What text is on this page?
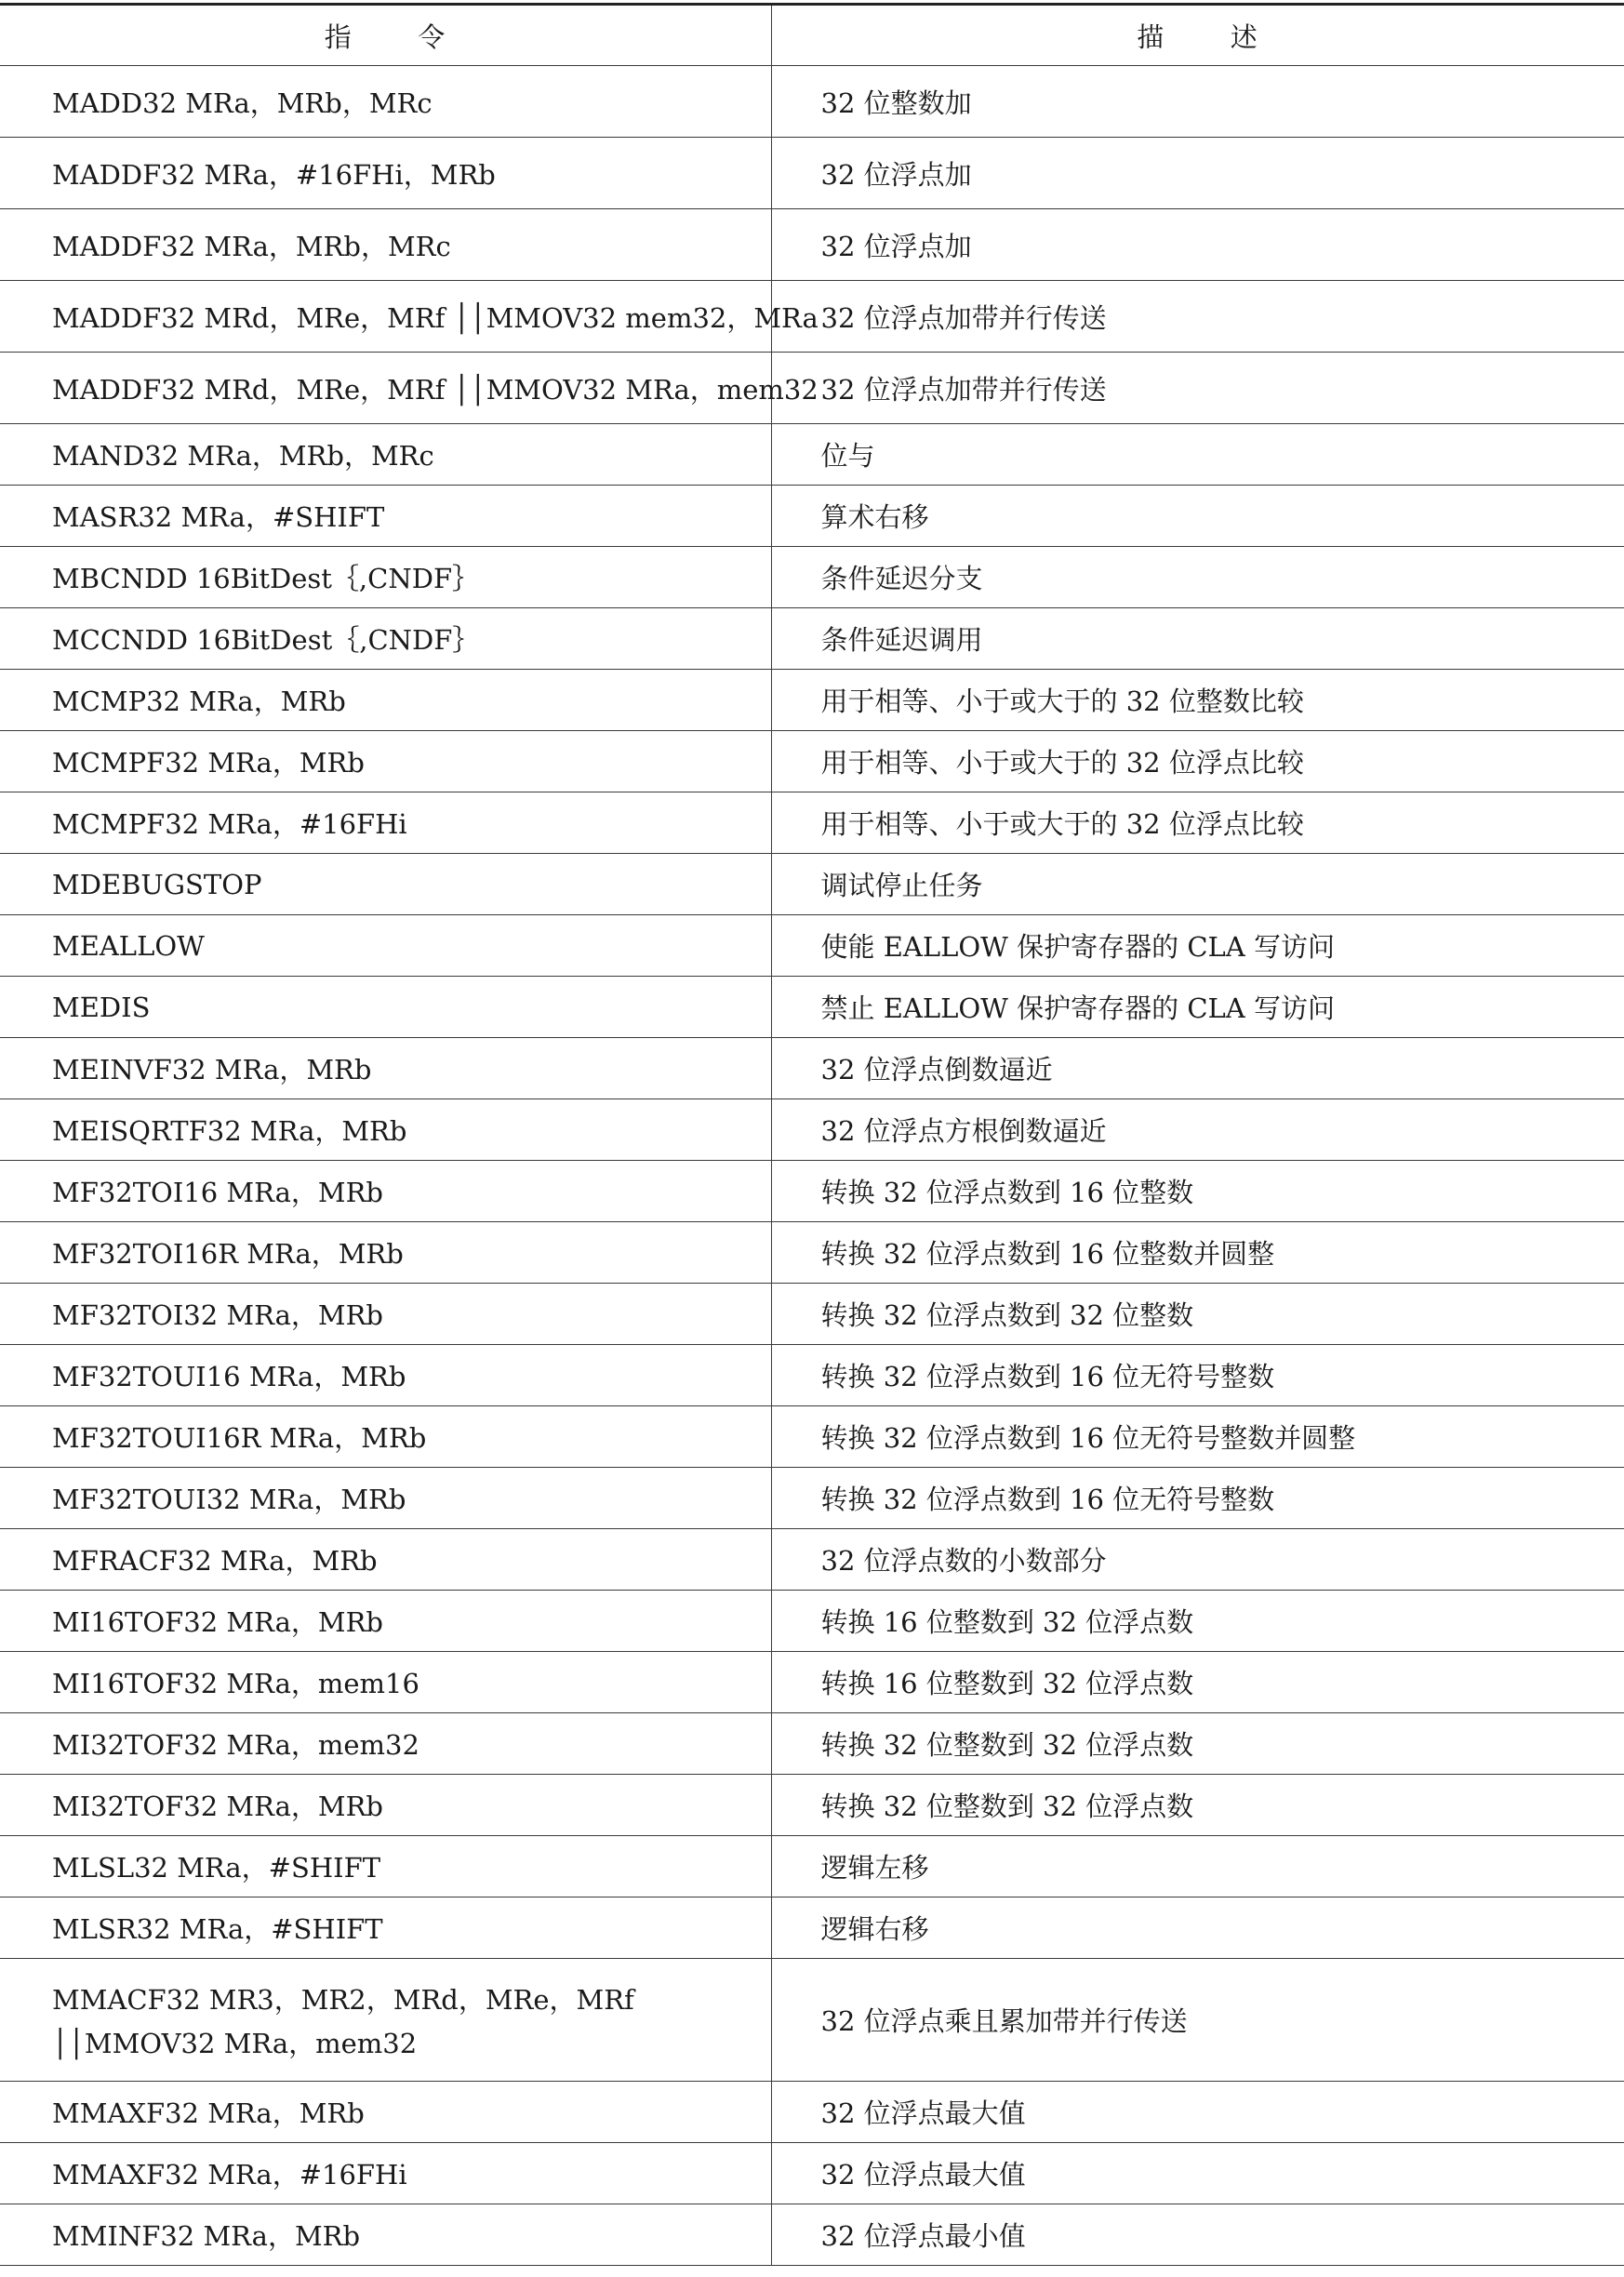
指 令	描 述
MADD32 MRa，MRb，MRc	32 位整数加
MADDF32 MRa，#16FHi，MRb	32 位浮点加
MADDF32 MRa，MRb，MRc	32 位浮点加
MADDF32 MRd，MRe，MRf ││MMOV32 mem32，MRa	32 位浮点加带并行传送
MADDF32 MRd，MRe，MRf ││MMOV32 MRa，mem32	32 位浮点加带并行传送
MAND32 MRa，MRb，MRc	位与
MASR32 MRa，#SHIFT	算术右移
MBCNDD 16BitDest｛,CNDF｝	条件延迟分支
MCCNDD 16BitDest｛,CNDF｝	条件延迟调用
MCMP32 MRa，MRb	用于相等、小于或大于的 32 位整数比较
MCMPF32 MRa，MRb	用于相等、小于或大于的 32 位浮点比较
MCMPF32 MRa，#16FHi	用于相等、小于或大于的 32 位浮点比较
MDEBUGSTOP	调试停止任务
MEALLOW	使能 EALLOW 保护寄存器的 CLA 写访问
MEDIS	禁止 EALLOW 保护寄存器的 CLA 写访问
MEINVF32 MRa，MRb	32 位浮点倒数逼近
MEISQRTF32 MRa，MRb	32 位浮点方根倒数逼近
MF32TOI16 MRa，MRb	转换 32 位浮点数到 16 位整数
MF32TOI16R MRa，MRb	转换 32 位浮点数到 16 位整数并圆整
MF32TOI32 MRa，MRb	转换 32 位浮点数到 32 位整数
MF32TOUI16 MRa，MRb	转换 32 位浮点数到 16 位无符号整数
MF32TOUI16R MRa，MRb	转换 32 位浮点数到 16 位无符号整数并圆整
MF32TOUI32 MRa，MRb	转换 32 位浮点数到 16 位无符号整数
MFRACF32 MRa，MRb	32 位浮点数的小数部分
MI16TOF32 MRa，MRb	转换 16 位整数到 32 位浮点数
MI16TOF32 MRa，mem16	转换 16 位整数到 32 位浮点数
MI32TOF32 MRa，mem32	转换 32 位整数到 32 位浮点数
MI32TOF32 MRa，MRb	转换 32 位整数到 32 位浮点数
MLSL32 MRa，#SHIFT	逻辑左移
MLSR32 MRa，#SHIFT	逻辑右移

MMACF32 MR3，MR2，MRd，MRe，MRf
││MMOV32 MRa，mem32	32 位浮点乘且累加带并行传送
MMAXF32 MRa，MRb	32 位浮点最大值
MMAXF32 MRa，#16FHi	32 位浮点最大值
MMINF32 MRa，MRb	32 位浮点最小值
